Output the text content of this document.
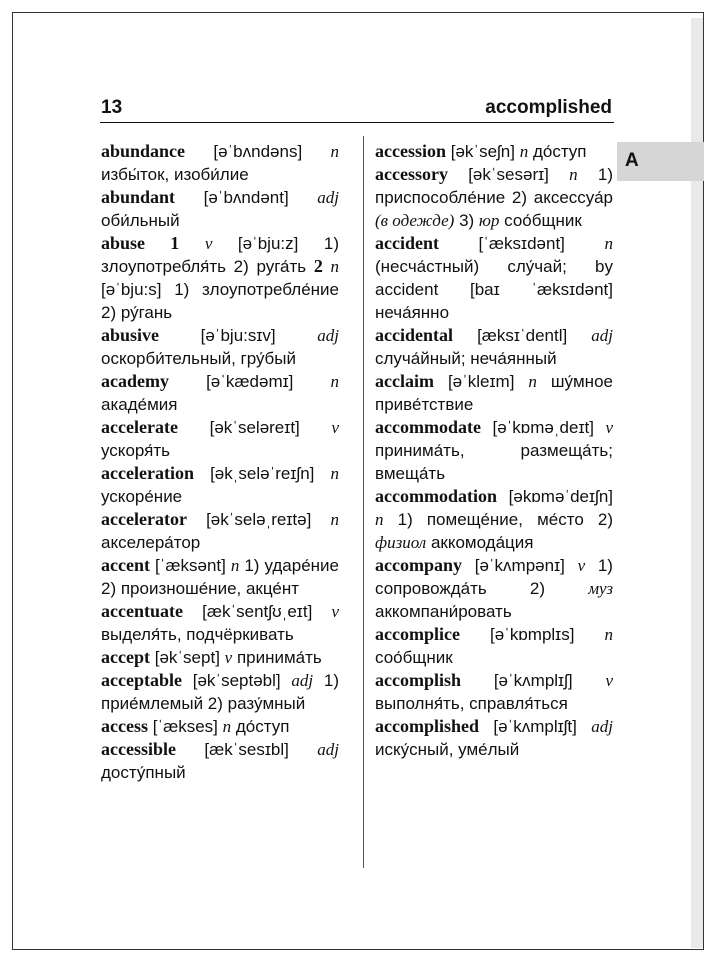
13	accomplished
A

abundance [əˈbʌndəns] n избы́ток, изоби́лие

abundant [əˈbʌndənt] adj оби́льный

abuse 1 v [əˈbju:z] 1) злоупотребля́ть 2) руга́ть 2 n [əˈbju:s] 1) злоупотребле́ние 2) ру́гань

abusive [əˈbju:sɪv] adj оскорби́тельный, гру́бый

academy [əˈkædəmɪ] n акаде́мия

accelerate [əkˈseləreɪt] v ускоря́ть

acceleration [əkˌseləˈreɪʃn] n ускоре́ние

accelerator [əkˈseləˌreɪtə] n акселера́тор

accent [ˈæksənt] n 1) ударе́ние 2) произноше́ние, акце́нт

accentuate [ækˈsentʃʊˌeɪt] v выделя́ть, подчёркивать

accept [əkˈsept] v принима́ть

acceptable [əkˈseptəbl] adj 1) прие́млемый 2) разу́мный

access [ˈækses] n до́ступ

accessible [ækˈsesɪbl] adj досту́пный

accession [əkˈseʃn] n до́ступ

accessory [əkˈsesərɪ] n 1) приспособле́ние 2) аксессуа́р (в одежде) 3) юр соо́бщник

accident [ˈæksɪdənt] n (несча́стный) слу́чай; by accident [baɪ ˈæksɪdənt] неча́янно

accidental [æksɪˈdentl] adj случа́йный; неча́янный

acclaim [əˈkleɪm] n шу́мное приве́тствие

accommodate [əˈkɒməˌdeɪt] v принима́ть, размеща́ть; вмеща́ть

accommodation [əkɒməˈdeɪʃn] n 1) помеще́ние, ме́сто 2) физиол аккомода́ция

accompany [əˈkʌmpənɪ] v 1) сопровожда́ть 2)	муз аккомпани́ровать

accomplice [əˈkɒmplɪs] n соо́бщник

accomplish [əˈkʌmplɪʃ] v выполня́ть, справля́ться

accomplished [əˈkʌmplɪʃt] adj иску́сный, уме́лый
